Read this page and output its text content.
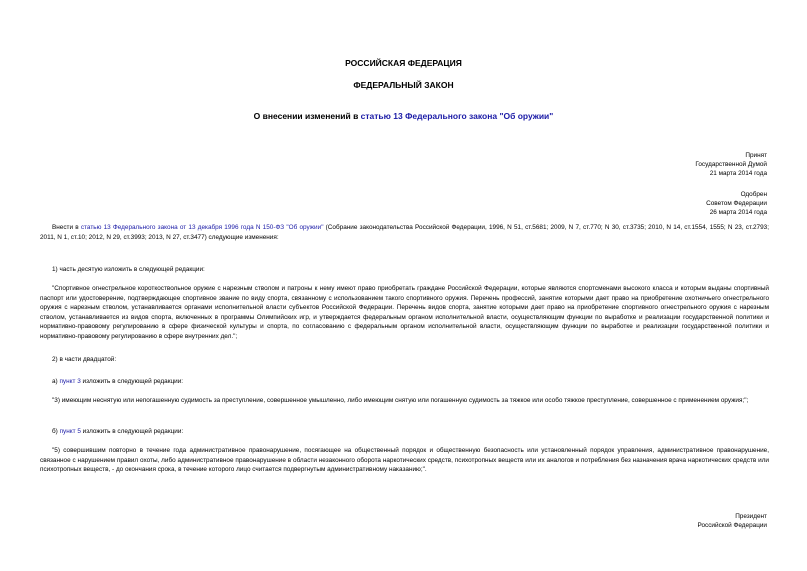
РОССИЙСКАЯ ФЕДЕРАЦИЯ
ФЕДЕРАЛЬНЫЙ ЗАКОН
О внесении изменений в статью 13 Федерального закона "Об оружии"
Принят
Государственной Думой
21 марта 2014 года
Одобрен
Советом Федерации
26 марта 2014 года
Внести в статью 13 Федерального закона от 13 декабря 1996 года N 150-ФЗ "Об оружии" (Собрание законодательства Российской Федерации, 1996, N 51, ст.5681; 2009, N 7, ст.770; N 30, ст.3735; 2010, N 14, ст.1554, 1555; N 23, ст.2793; 2011, N 1, ст.10; 2012, N 29, ст.3993; 2013, N 27, ст.3477) следующие изменения:
1) часть десятую изложить в следующей редакции:
"Спортивное огнестрельное короткоствольное оружие с нарезным стволом и патроны к нему имеют право приобретать граждане Российской Федерации, которые являются спортсменами высокого класса и которым выданы спортивный паспорт или удостоверение, подтверждающее спортивное звание по виду спорта, связанному с использованием такого спортивного оружия. Перечень профессий, занятие которыми дает право на приобретение охотничьего огнестрельного оружия с нарезным стволом, устанавливается органами исполнительной власти субъектов Российской Федерации. Перечень видов спорта, занятие которыми дает право на приобретение спортивного огнестрельного оружия с нарезным стволом, устанавливается из видов спорта, включенных в программы Олимпийских игр, и утверждается федеральным органом исполнительной власти, осуществляющим функции по выработке и реализации государственной политики и нормативно-правовому регулированию в сфере физической культуры и спорта, по согласованию с федеральным органом исполнительной власти, осуществляющим функции по выработке и реализации государственной политики и нормативно-правовому регулированию в сфере внутренних дел.";
2) в части двадцатой:
а) пункт 3 изложить в следующей редакции:
"3) имеющим неснятую или непогашенную судимость за преступление, совершенное умышленно, либо имеющим снятую или погашенную судимость за тяжкое или особо тяжкое преступление, совершенное с применением оружия;";
б) пункт 5 изложить в следующей редакции:
"5) совершившим повторно в течение года административное правонарушение, посягающее на общественный порядок и общественную безопасность или установленный порядок управления, административное правонарушение, связанное с нарушением правил охоты, либо административное правонарушение в области незаконного оборота наркотических средств, психотропных веществ или их аналогов и потребления без назначения врача наркотических средств или психотропных веществ, - до окончания срока, в течение которого лицо считается подвергнутым административному наказанию;".
Президент
Российской Федерации
